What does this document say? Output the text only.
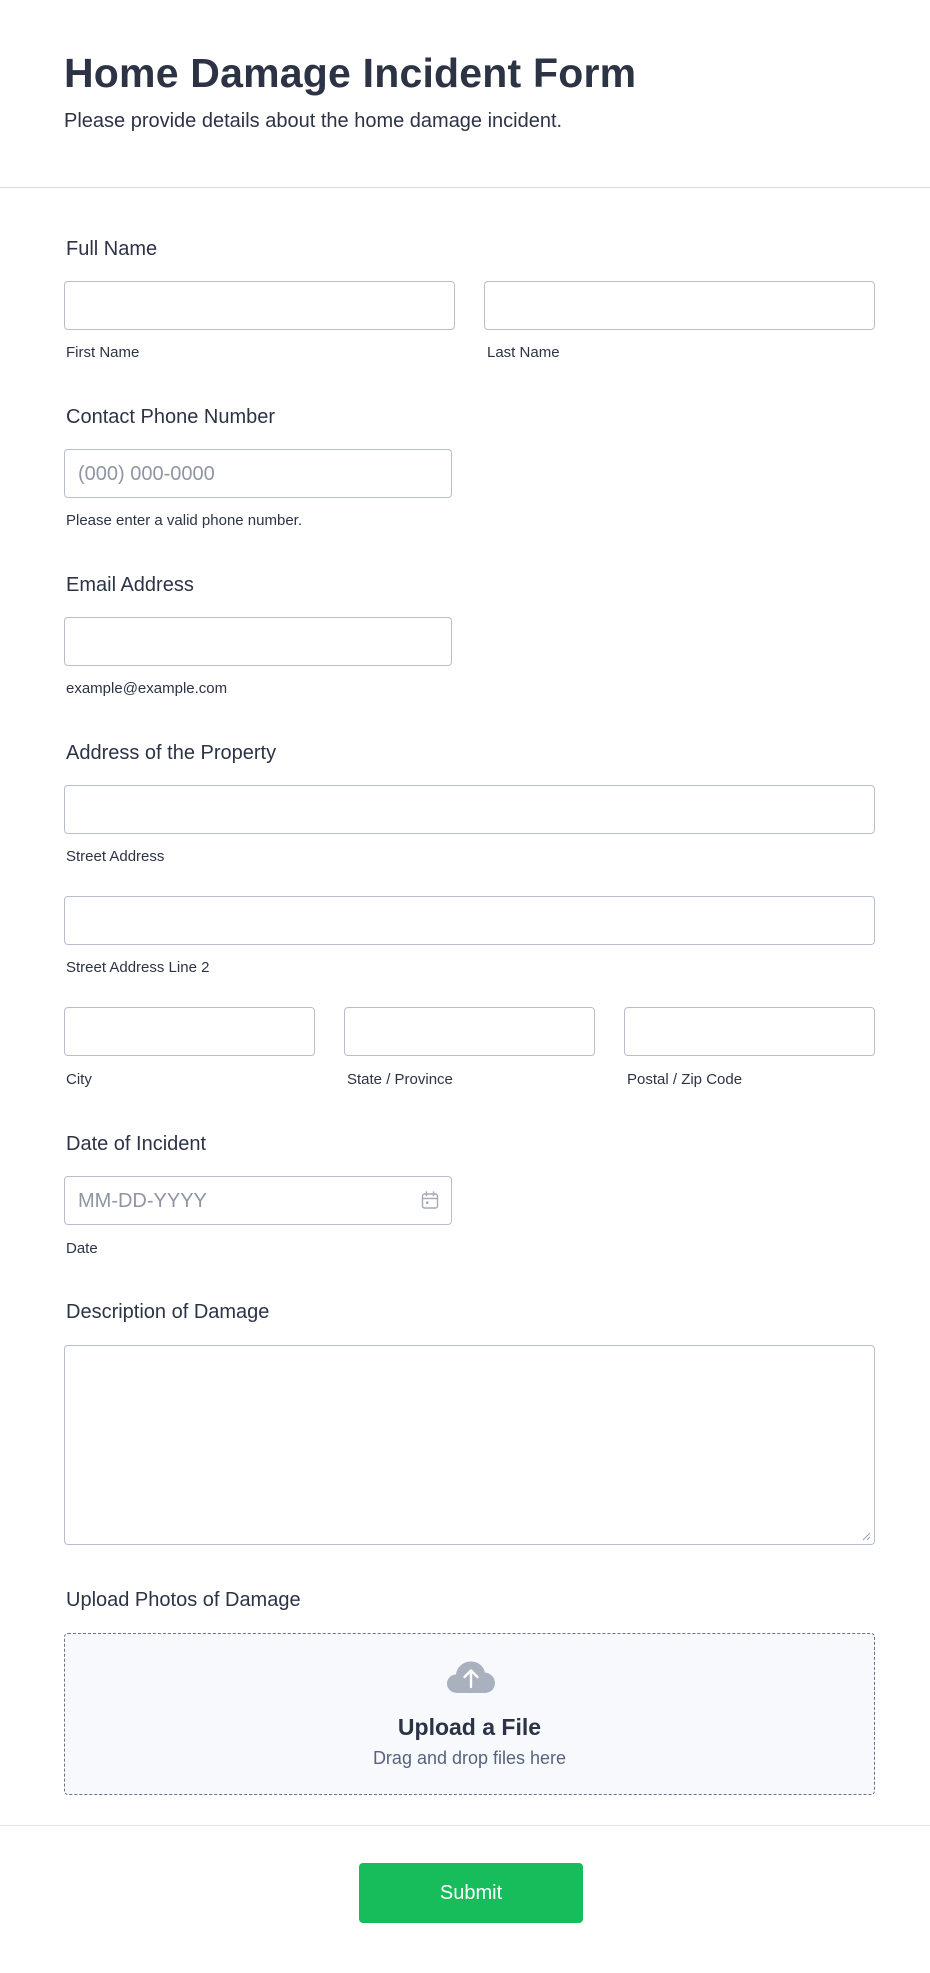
Home Damage Incident Form
Please provide details about the home damage incident.
Full Name
First Name	Last Name
Contact Phone Number
(000) 000-0000
Please enter a valid phone number.
Email Address
example@example.com
Address of the Property
Street Address
Street Address Line 2
City	State / Province	Postal / Zip Code
Date of Incident
MM-DD-YYYY
Date
Description of Damage
Upload Photos of Damage
Upload a File
Drag and drop files here
Submit
